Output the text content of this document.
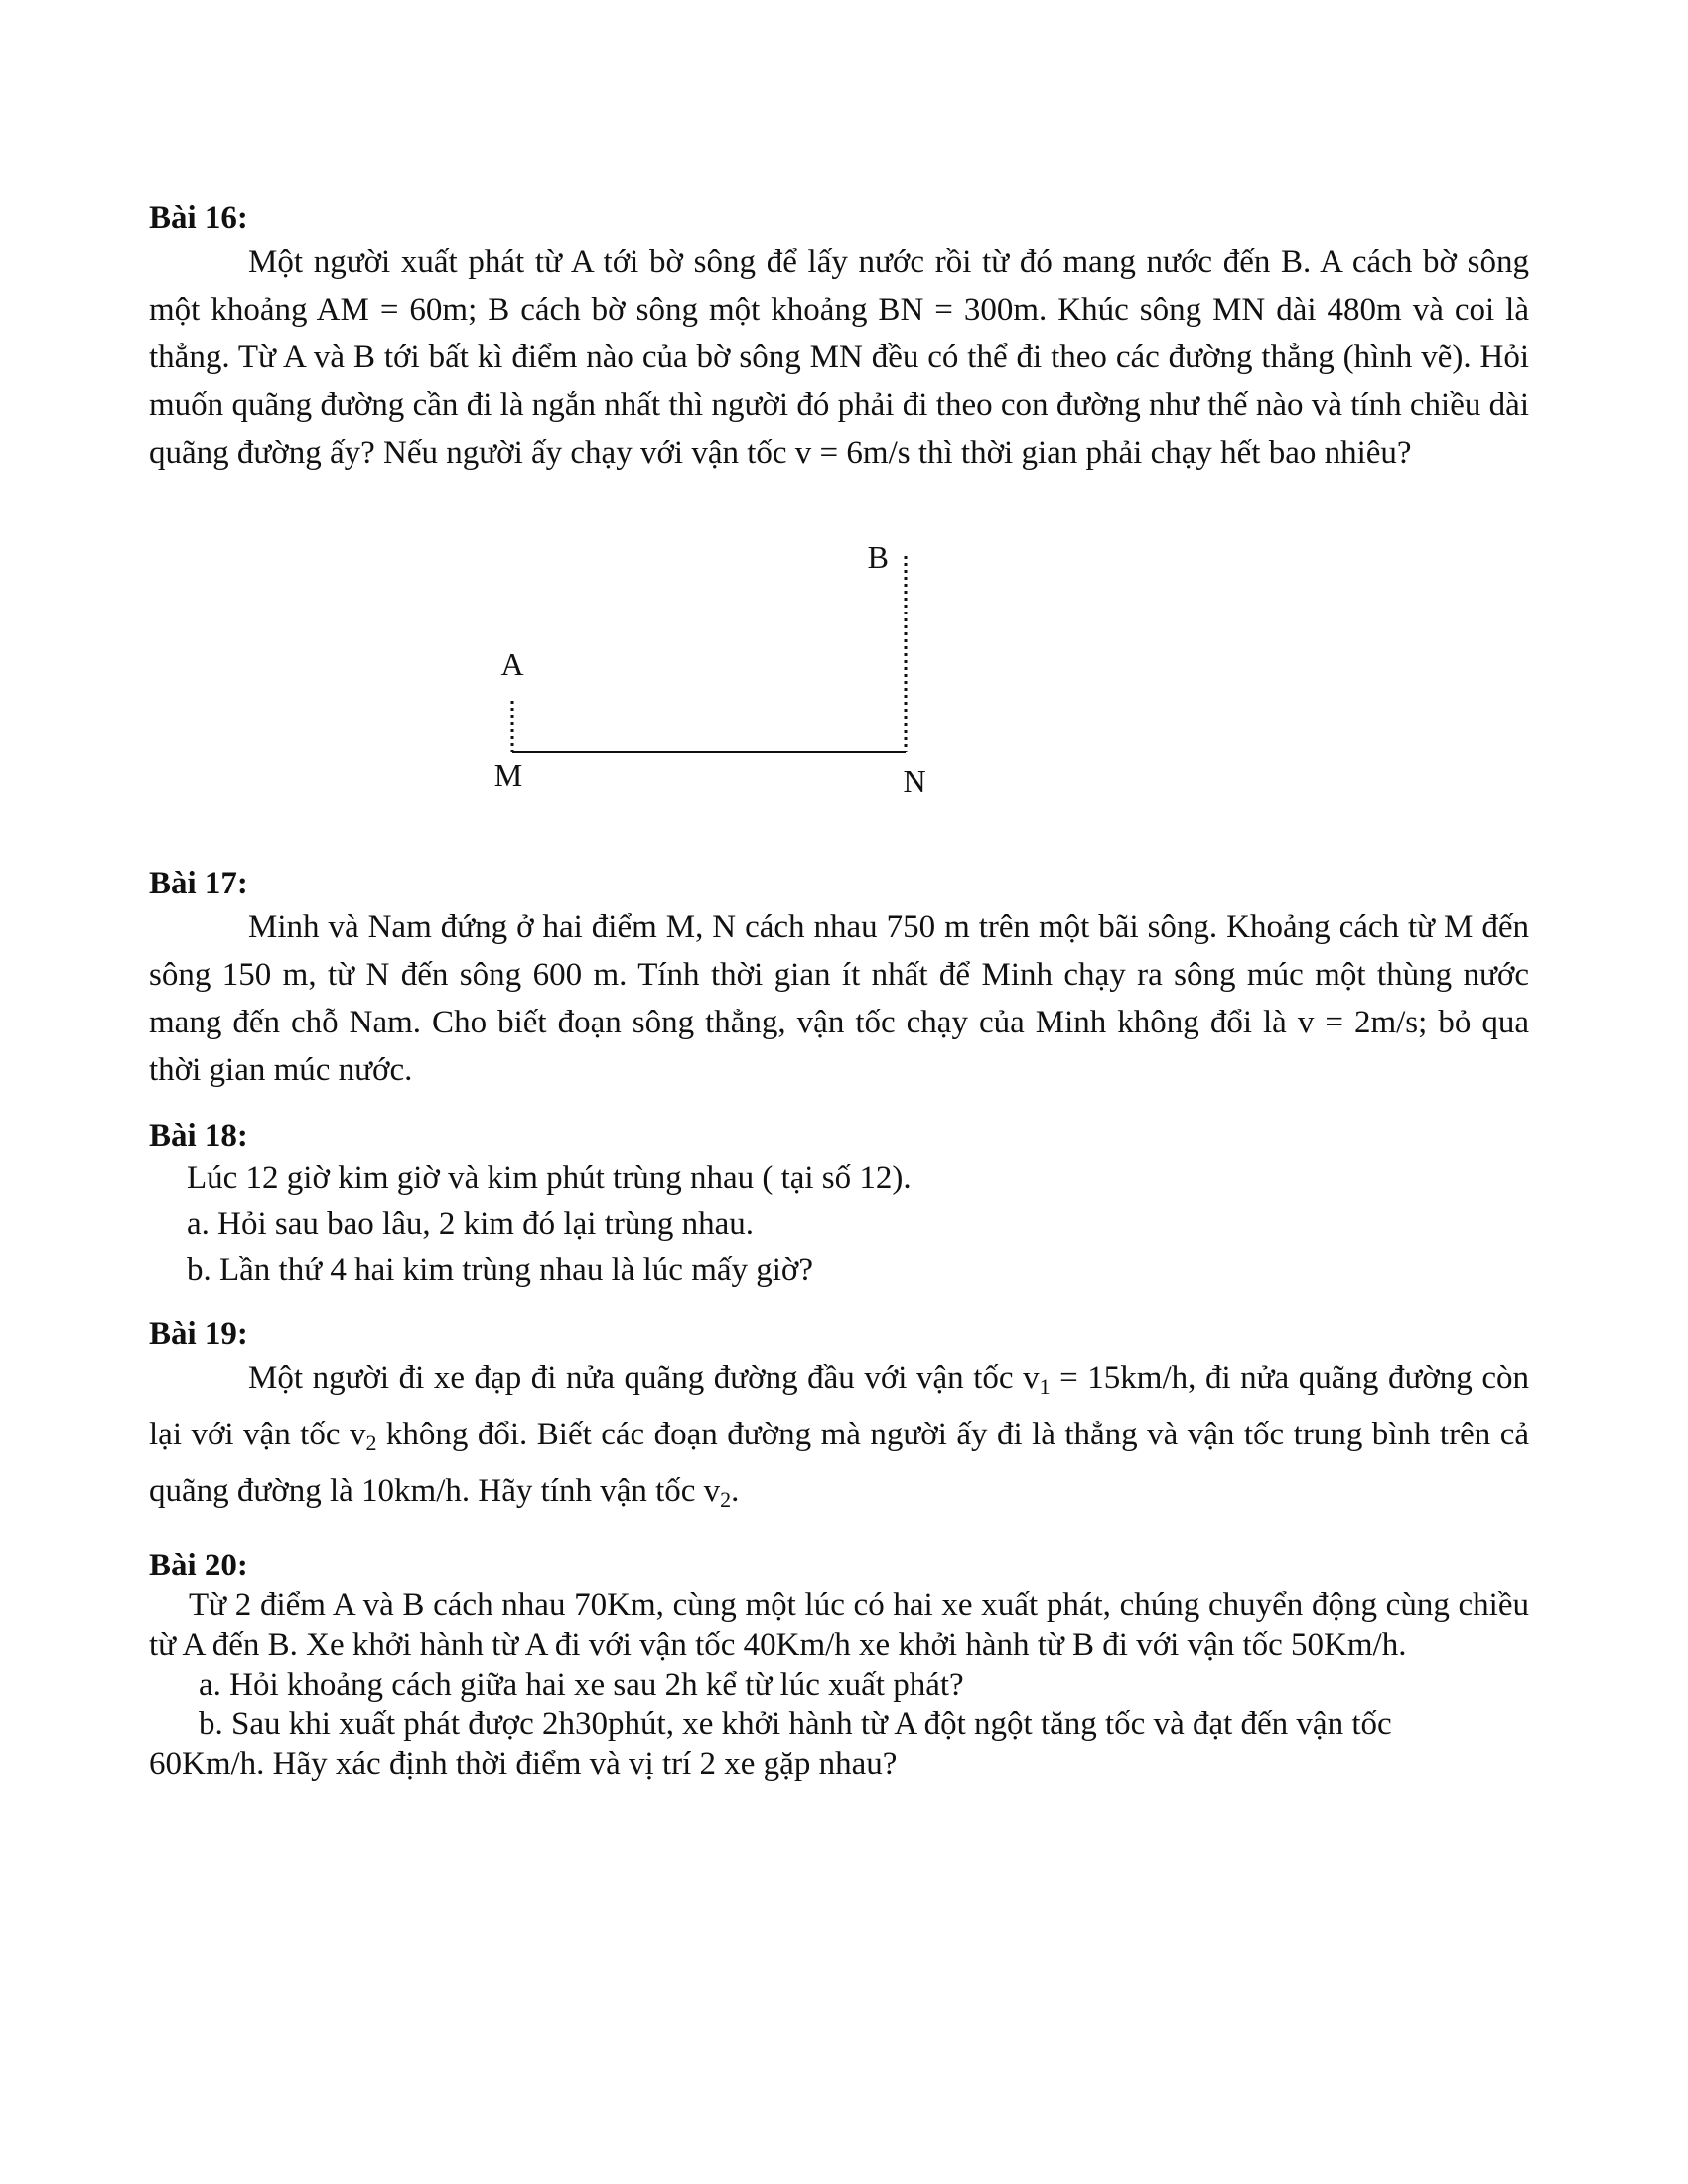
Bài 16:

Một người xuất phát từ A tới bờ sông để lấy nước rồi từ đó mang nước đến B. A cách bờ sông một khoảng AM = 60m; B cách bờ sông một khoảng BN = 300m. Khúc sông MN dài 480m và coi là thẳng. Từ A và B tới bất kì điểm nào của bờ sông MN đều có thể đi theo các đường thẳng (hình vẽ). Hỏi muốn quãng đường cần đi là ngắn nhất thì người đó phải đi theo con đường như thế nào và tính chiều dài quãng đường ấy? Nếu người ấy chạy với vận tốc v = 6m/s thì thời gian phải chạy hết bao nhiêu?

A
B
M	N

Bài 17:

Minh và Nam đứng ở hai điểm M, N cách nhau 750 m trên một bãi sông. Khoảng cách từ M đến sông 150 m, từ N đến sông 600 m. Tính thời gian ít nhất để Minh chạy ra sông múc một thùng nước mang đến chỗ Nam. Cho biết đoạn sông thẳng, vận tốc chạy của Minh không đổi là v = 2m/s; bỏ qua thời gian múc nước.

Bài 18:

Lúc 12 giờ kim giờ và kim phút trùng nhau ( tại số 12).

a. Hỏi sau bao lâu, 2 kim đó lại trùng nhau.

b. Lần thứ 4 hai kim trùng nhau là lúc mấy giờ?

Bài 19:

Một người đi xe đạp đi nửa quãng đường đầu với vận tốc $v_1 = 15km/h$, đi nửa quãng đường còn lại với vận tốc $v_2$ không đổi. Biết các đoạn đường mà người ấy đi là thẳng và vận tốc trung bình trên cả quãng đường là 10km/h. Hãy tính vận tốc $v_2$.

Bài 20:

Từ 2 điểm A và B cách nhau 70Km, cùng một lúc có hai xe xuất phát, chúng chuyển động cùng chiều từ A đến B. Xe khởi hành từ A đi với vận tốc 40Km/h xe khởi hành từ B đi với vận tốc 50Km/h.

a. Hỏi khoảng cách giữa hai xe sau 2h kể từ lúc xuất phát?

b. Sau khi xuất phát được 2h30phút, xe khởi hành từ A đột ngột tăng tốc và đạt đến vận tốc

60Km/h. Hãy xác định thời điểm và vị trí 2 xe gặp nhau?
